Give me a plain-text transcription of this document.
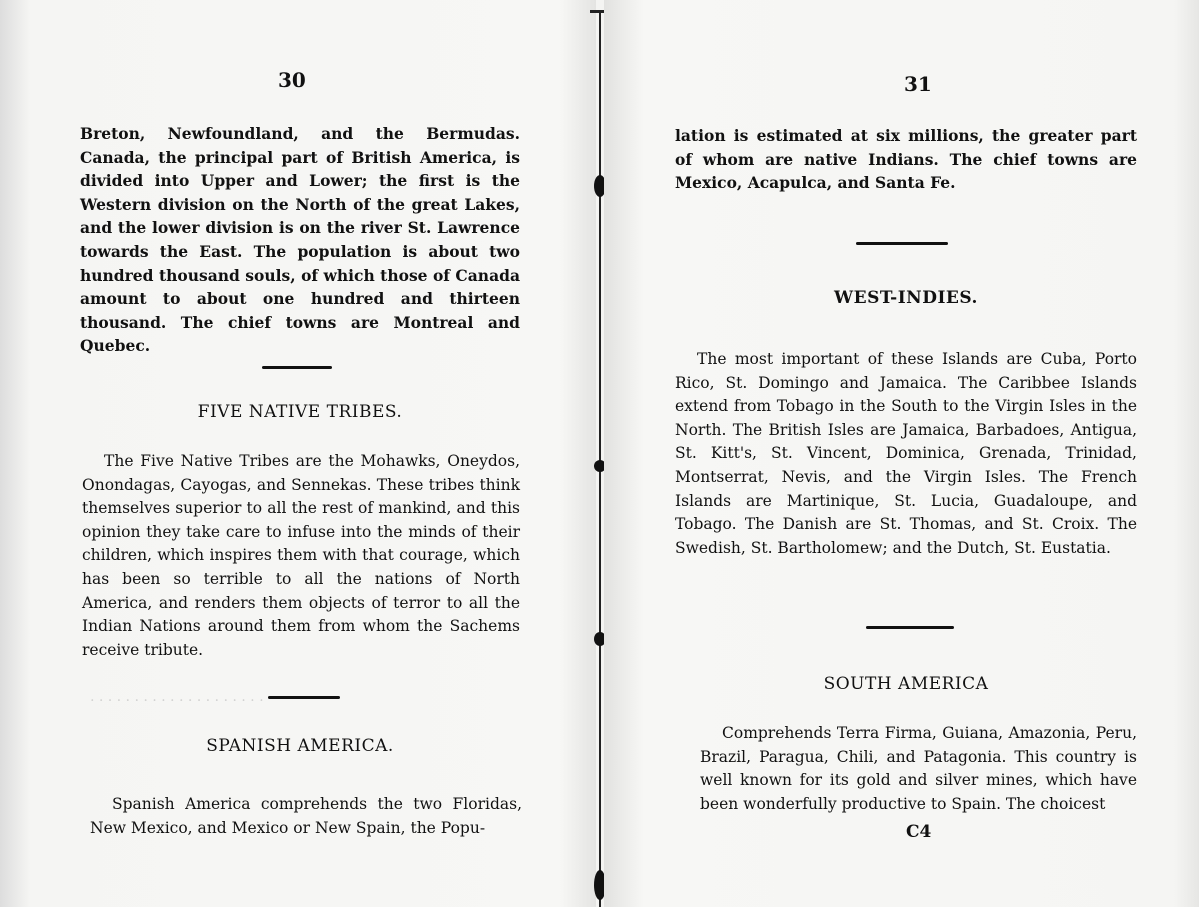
· · · · · · · · · · · · · · · · · · · ·
30

Breton, Newfoundland, and the Bermudas. Canada, the principal part of British America, is divided into Upper and Lower; the first is the Western division on the North of the great Lakes, and the lower division is on the river St. Lawrence towards the East. The population is about two hundred thousand souls, of which those of Canada amount to about one hundred and thirteen thousand. The chief towns are Montreal and Quebec.

FIVE NATIVE TRIBES.

The Five Native Tribes are the Mohawks, Oneydos, Onondagas, Cayogas, and Sennekas. These tribes think themselves superior to all the rest of mankind, and this opinion they take care to infuse into the minds of their children, which inspires them with that courage, which has been so terrible to all the nations of North America, and renders them objects of terror to all the Indian Nations around them from whom the Sachems receive tribute.

SPANISH AMERICA.

Spanish America comprehends the two Floridas, New Mexico, and Mexico or New Spain, the Popu-

31

lation is estimated at six millions, the greater part of whom are native Indians. The chief towns are Mexico, Acapulca, and Santa Fe.

WEST-INDIES.

The most important of these Islands are Cuba, Porto Rico, St. Domingo and Jamaica. The Caribbee Islands extend from Tobago in the South to the Virgin Isles in the North. The British Isles are Jamaica, Barbadoes, Antigua, St. Kitt's, St. Vincent, Dominica, Grenada, Trinidad, Montserrat, Nevis, and the Virgin Isles. The French Islands are Martinique, St. Lucia, Guadaloupe, and Tobago. The Danish are St. Thomas, and St. Croix. The Swedish, St. Bartholomew; and the Dutch, St. Eustatia.

SOUTH AMERICA

Comprehends Terra Firma, Guiana, Amazonia, Peru, Brazil, Paragua, Chili, and Patagonia. This country is well known for its gold and silver mines, which have been wonderfully productive to Spain. The choicest

C4
